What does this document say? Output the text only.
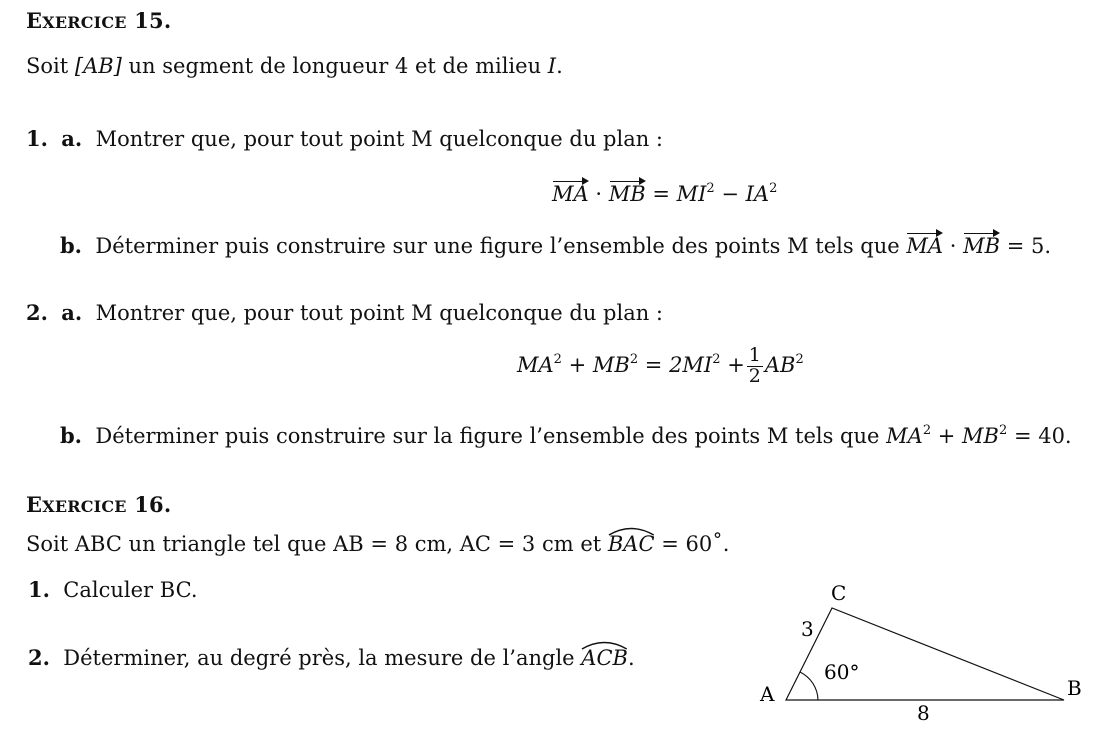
EXERCICE 15.
Soit [AB] un segment de longueur 4 et de milieu I.
1. a. Montrer que, pour tout point M quelconque du plan :
MA · MB = $MI^2 - IA^2$
b. Déterminer puis construire sur une figure l’ensemble des points M tels que MA · MB = 5.
2. a. Montrer que, pour tout point M quelconque du plan :
$MA^2 + MB^2 = 2MI^2 + \frac{1}{2} AB^2$
b. Déterminer puis construire sur la figure l’ensemble des points M tels que $MA^2 + MB^2 = 40$.
EXERCICE 16.
Soit ABC un triangle tel que AB = 8 cm, AC = 3 cm et
BAC = 60˚.
1. Calculer BC.
2. Déterminer, au degré près, la mesure de l’angle
ACB.
A	B
C
3
8
60°
